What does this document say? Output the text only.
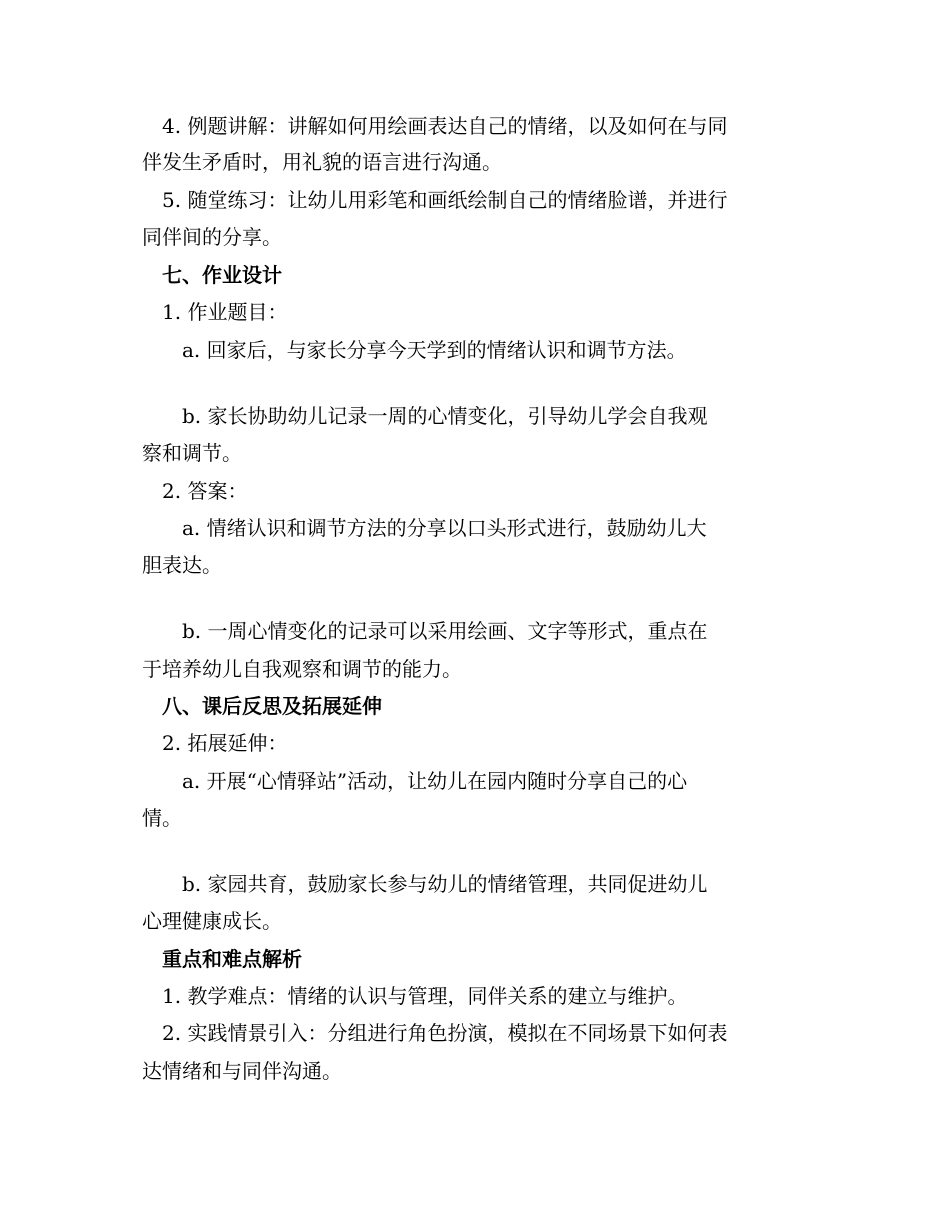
　4. 例题讲解：讲解如何用绘画表达自己的情绪，以及如何在与同
伴发生矛盾时，用礼貌的语言进行沟通。
　5. 随堂练习：让幼儿用彩笔和画纸绘制自己的情绪脸谱，并进行
同伴间的分享。
　七、作业设计
　1. 作业题目：
　　a. 回家后，与家长分享今天学到的情绪认识和调节方法。
　　b. 家长协助幼儿记录一周的心情变化，引导幼儿学会自我观
察和调节。
　2. 答案：
　　a. 情绪认识和调节方法的分享以口头形式进行，鼓励幼儿大
胆表达。
　　b. 一周心情变化的记录可以采用绘画、文字等形式，重点在
于培养幼儿自我观察和调节的能力。
　八、课后反思及拓展延伸
　2. 拓展延伸：
　　a. 开展“心情驿站”活动，让幼儿在园内随时分享自己的心
情。
　　b. 家园共育，鼓励家长参与幼儿的情绪管理，共同促进幼儿
心理健康成长。
　重点和难点解析
　1. 教学难点：情绪的认识与管理，同伴关系的建立与维护。
　2. 实践情景引入：分组进行角色扮演，模拟在不同场景下如何表
达情绪和与同伴沟通。
